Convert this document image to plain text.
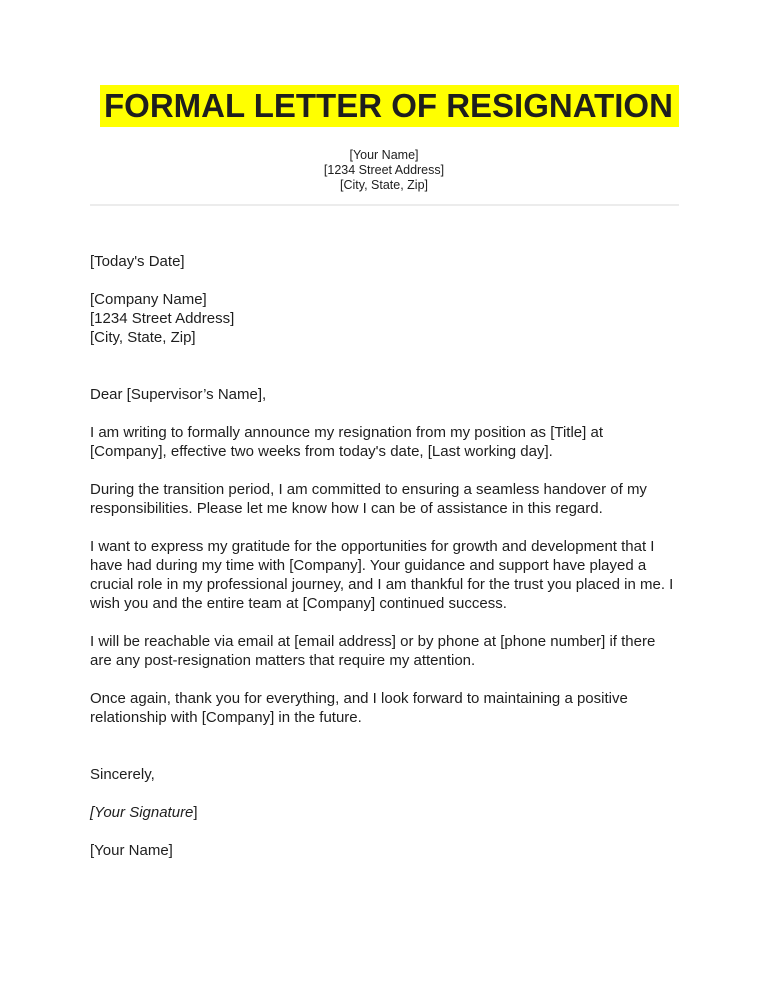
FORMAL LETTER OF RESIGNATION
[Your Name]
[1234 Street Address]
[City, State, Zip]

[Today's Date]

[Company Name]
[1234 Street Address]
[City, State, Zip]

Dear [Supervisor’s Name],

I am writing to formally announce my resignation from my position as [Title] at [Company], effective two weeks from today's date, [Last working day].

During the transition period, I am committed to ensuring a seamless handover of my responsibilities. Please let me know how I can be of assistance in this regard.

I want to express my gratitude for the opportunities for growth and development that I have had during my time with [Company]. Your guidance and support have played a crucial role in my professional journey, and I am thankful for the trust you placed in me. I wish you and the entire team at [Company] continued success.

I will be reachable via email at [email address] or by phone at [phone number] if there are any post-resignation matters that require my attention.

Once again, thank you for everything, and I look forward to maintaining a positive relationship with [Company] in the future.

Sincerely,

[Your Signature]

[Your Name]
